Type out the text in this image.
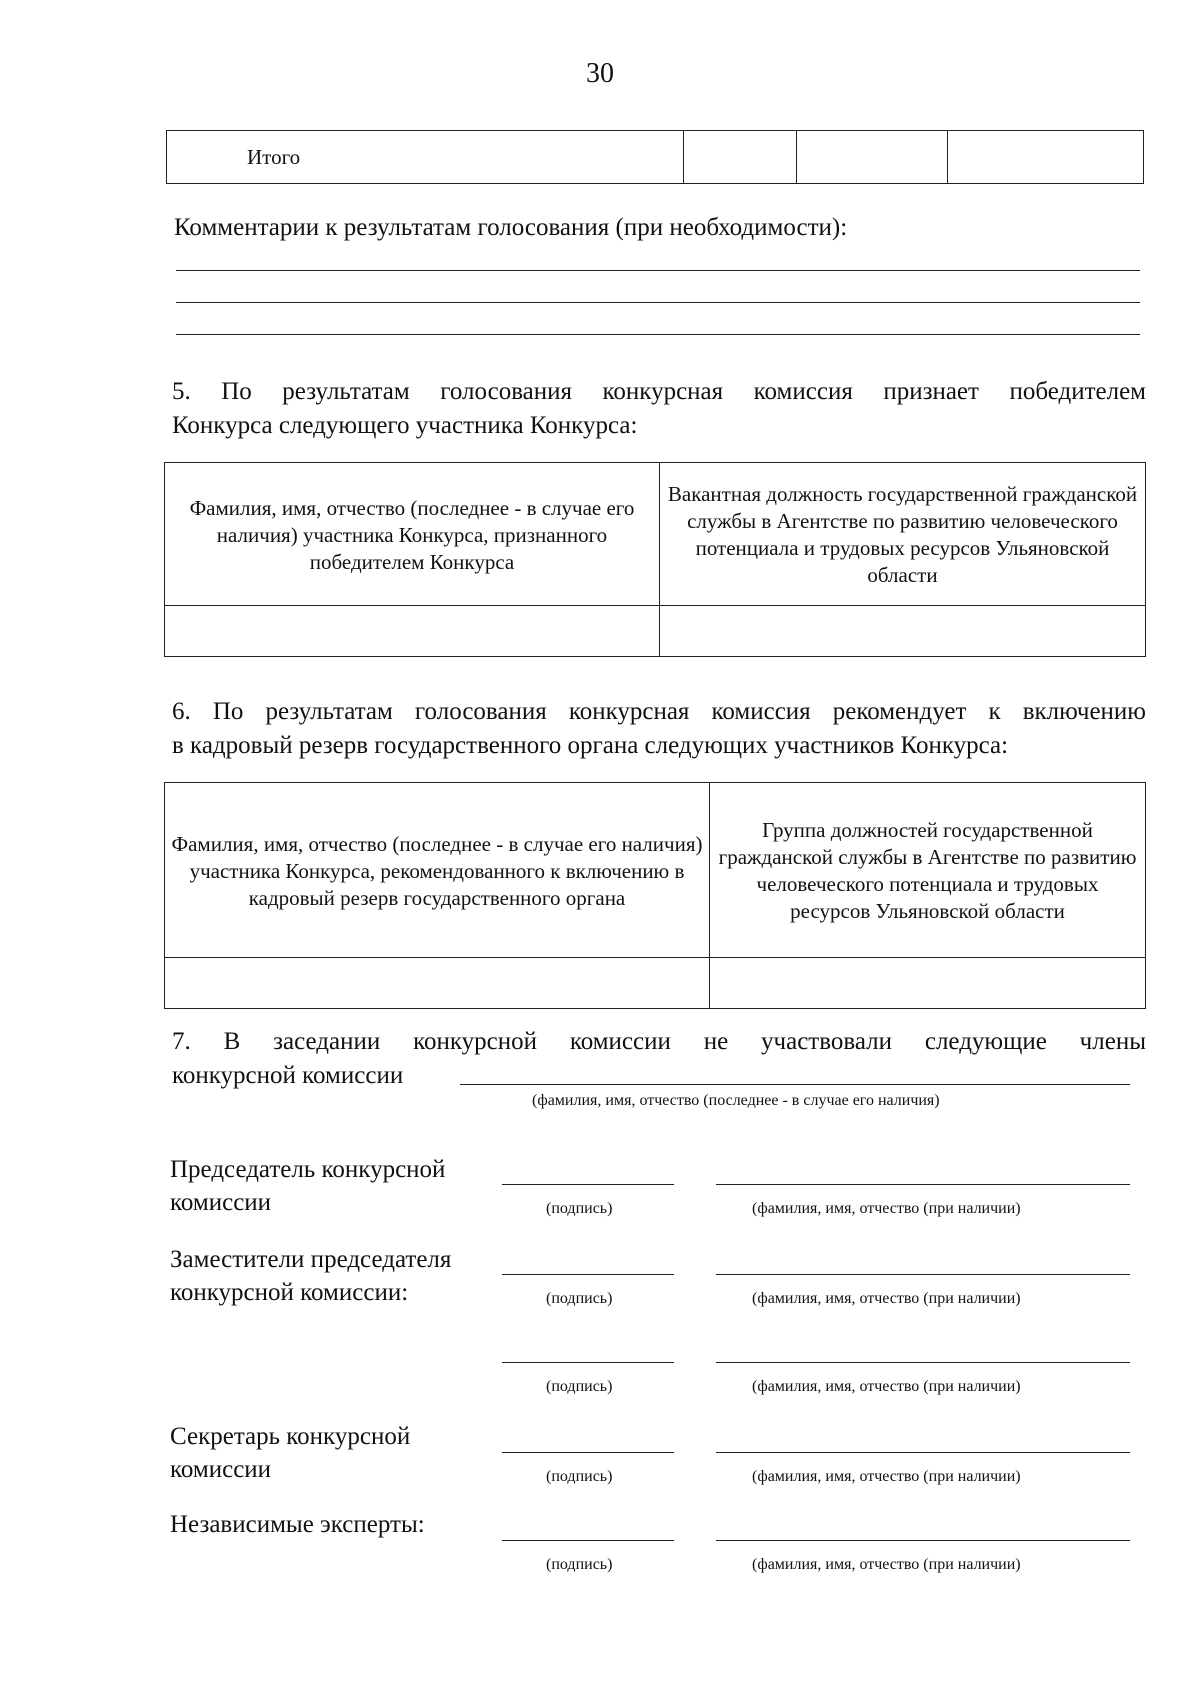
30
Итого			
Комментарии к результатам голосования (при необходимости):
5. По результатам голосования конкурсная комиссия признает победителем
Конкурса следующего участника Конкурса:
Фамилия, имя, отчество (последнее - в случае его наличия) участника Конкурса, признанного победителем Конкурса	Вакантная должность государственной гражданской службы в Агентстве по развитию человеческого потенциала и трудовых ресурсов Ульяновской области

6. По результатам голосования конкурсная комиссия рекомендует к включению
в кадровый резерв государственного органа следующих участников Конкурса:
Фамилия, имя, отчество (последнее - в случае его наличия) участника Конкурса, рекомендованного к включению в кадровый резерв государственного органа	Группа должностей государственной гражданской службы в Агентстве по развитию человеческого потенциала и трудовых ресурсов Ульяновской области

7. В заседании конкурсной комиссии не участвовали следующие члены
конкурсной комиссии
(фамилия, имя, отчество (последнее - в случае его наличия)
Председатель конкурсной
комиссии	(подпись)	(фамилия, имя, отчество (при наличии)
Заместители председателя
конкурсной комиссии:	(подпись)	(фамилия, имя, отчество (при наличии)
(подпись)	(фамилия, имя, отчество (при наличии)
Секретарь конкурсной
комиссии	(подпись)	(фамилия, имя, отчество (при наличии)
Независимые эксперты:
(подпись)	(фамилия, имя, отчество (при наличии)
